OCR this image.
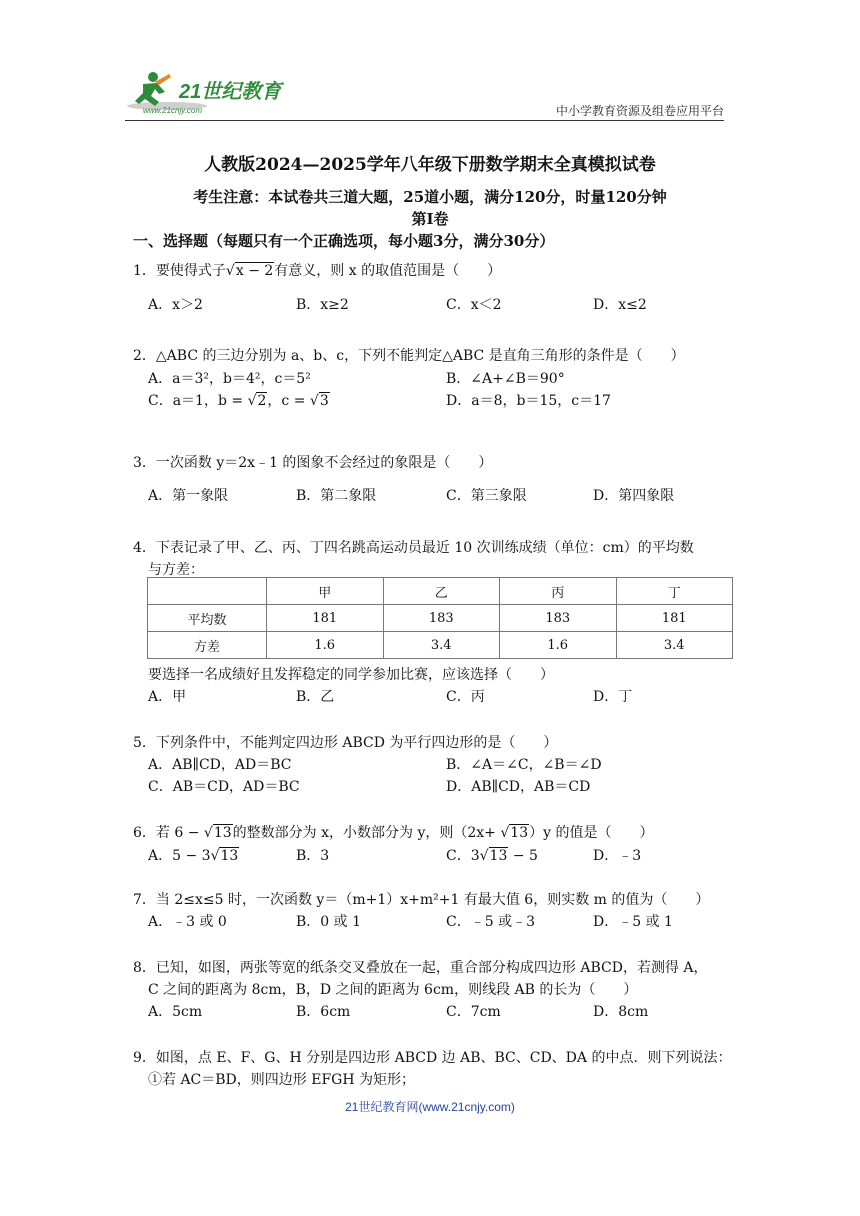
21世纪教育
www.21cnjy.com	中小学教育资源及组卷应用平台
人教版2024—2025学年八年级下册数学期末全真模拟试卷
考生注意：本试卷共三道大题，25道小题，满分120分，时量120分钟
第Ⅰ卷
一、选择题（每题只有一个正确选项，每小题3分，满分30分）
1．要使得式子√x − 2有意义，则 x 的取值范围是（　　）
A．x＞2	B．x≥2	C．x＜2	D．x≤2
2．△ABC 的三边分别为 a、b、c，下列不能判定△ABC 是直角三角形的条件是（　　）
A．a＝3²，b＝4²，c＝5²	B．∠A+∠B＝90°
C．a＝1，b = √2，c = √3	D．a＝8，b＝15，c＝17
3．一次函数 y＝2x﹣1 的图象不会经过的象限是（　　）
A．第一象限	B．第二象限	C．第三象限	D．第四象限
4．下表记录了甲、乙、丙、丁四名跳高运动员最近 10 次训练成绩（单位：cm）的平均数
与方差：
	甲	乙	丙	丁
平均数	181	183	183	181
方差	1.6	3.4	1.6	3.4
要选择一名成绩好且发挥稳定的同学参加比赛，应该选择（　　）
A．甲	B．乙	C．丙	D．丁
5．下列条件中，不能判定四边形 ABCD 为平行四边形的是（　　）
A．AB∥CD，AD＝BC	B．∠A＝∠C，∠B＝∠D
C．AB＝CD，AD＝BC	D．AB∥CD，AB＝CD
6．若 6 − √13的整数部分为 x，小数部分为 y，则（2x+ √13）y 的值是（　　）
A．5 − 3√13	B．3	C．3√13 − 5	D．﹣3
7．当 2≤x≤5 时，一次函数 y＝（m+1）x+m²+1 有最大值 6，则实数 m 的值为（　　）
A．﹣3 或 0	B．0 或 1	C．﹣5 或﹣3	D．﹣5 或 1
8．已知，如图，两张等宽的纸条交叉叠放在一起，重合部分构成四边形 ABCD，若测得 A，
C 之间的距离为 8cm，B，D 之间的距离为 6cm，则线段 AB 的长为（　　）
A．5cm	B．6cm	C．7cm	D．8cm
9．如图，点 E、F、G、H 分别是四边形 ABCD 边 AB、BC、CD、DA 的中点．则下列说法：
①若 AC＝BD，则四边形 EFGH 为矩形；
21世纪教育网(www.21cnjy.com)
